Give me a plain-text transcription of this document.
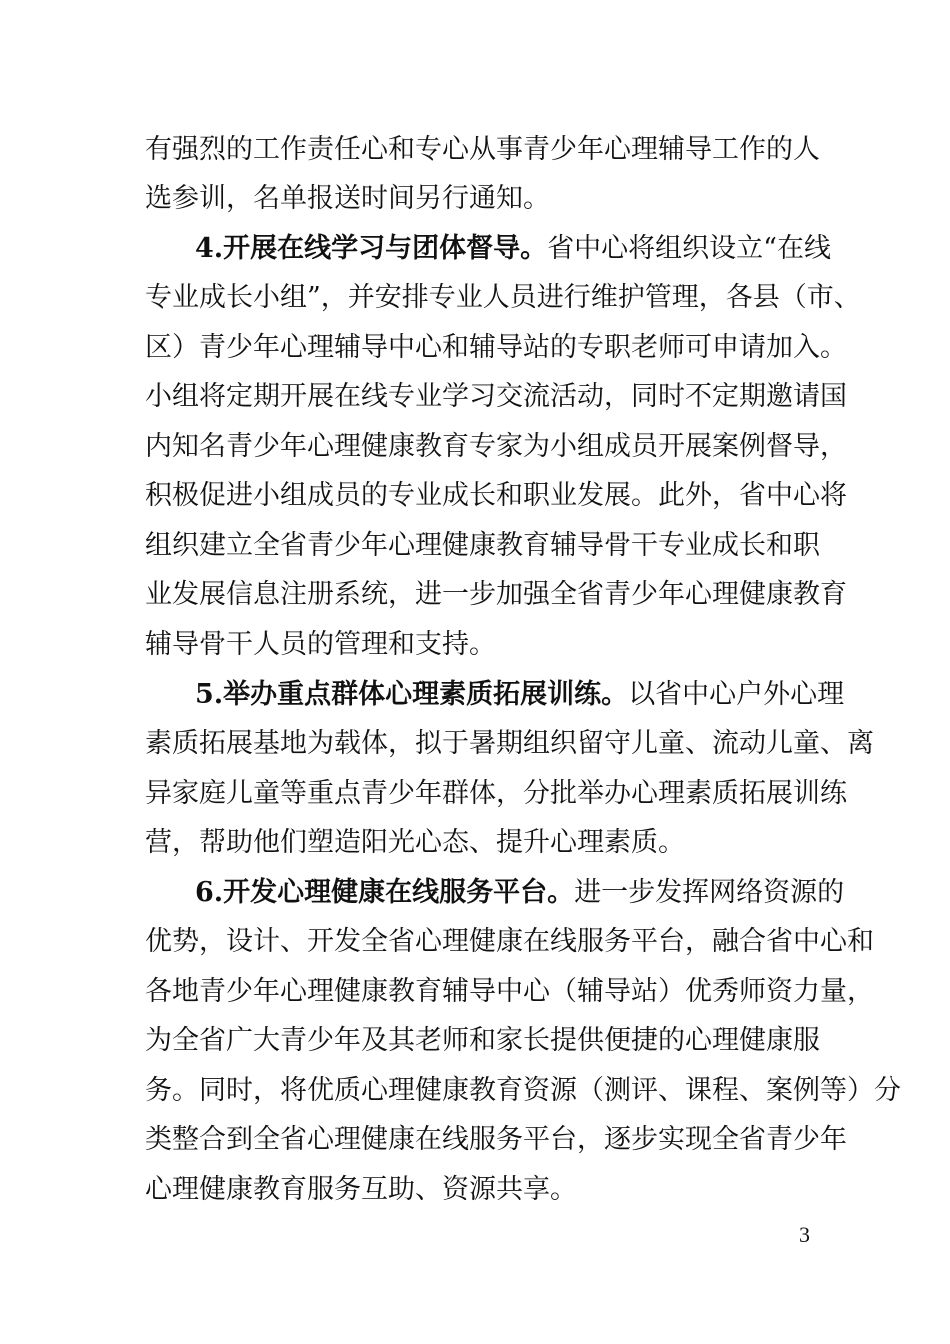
有强烈的工作责任心和专心从事青少年心理辅导工作的人
选参训，名单报送时间另行通知。
4.开展在线学习与团体督导。省中心将组织设立“在线
专业成长小组”，并安排专业人员进行维护管理，各县（市、
区）青少年心理辅导中心和辅导站的专职老师可申请加入。
小组将定期开展在线专业学习交流活动，同时不定期邀请国
内知名青少年心理健康教育专家为小组成员开展案例督导，
积极促进小组成员的专业成长和职业发展。此外，省中心将
组织建立全省青少年心理健康教育辅导骨干专业成长和职
业发展信息注册系统，进一步加强全省青少年心理健康教育
辅导骨干人员的管理和支持。
5.举办重点群体心理素质拓展训练。以省中心户外心理
素质拓展基地为载体，拟于暑期组织留守儿童、流动儿童、离
异家庭儿童等重点青少年群体，分批举办心理素质拓展训练
营，帮助他们塑造阳光心态、提升心理素质。
6.开发心理健康在线服务平台。进一步发挥网络资源的
优势，设计、开发全省心理健康在线服务平台，融合省中心和
各地青少年心理健康教育辅导中心（辅导站）优秀师资力量，
为全省广大青少年及其老师和家长提供便捷的心理健康服
务。同时，将优质心理健康教育资源（测评、课程、案例等）分
类整合到全省心理健康在线服务平台，逐步实现全省青少年
心理健康教育服务互助、资源共享。
3
